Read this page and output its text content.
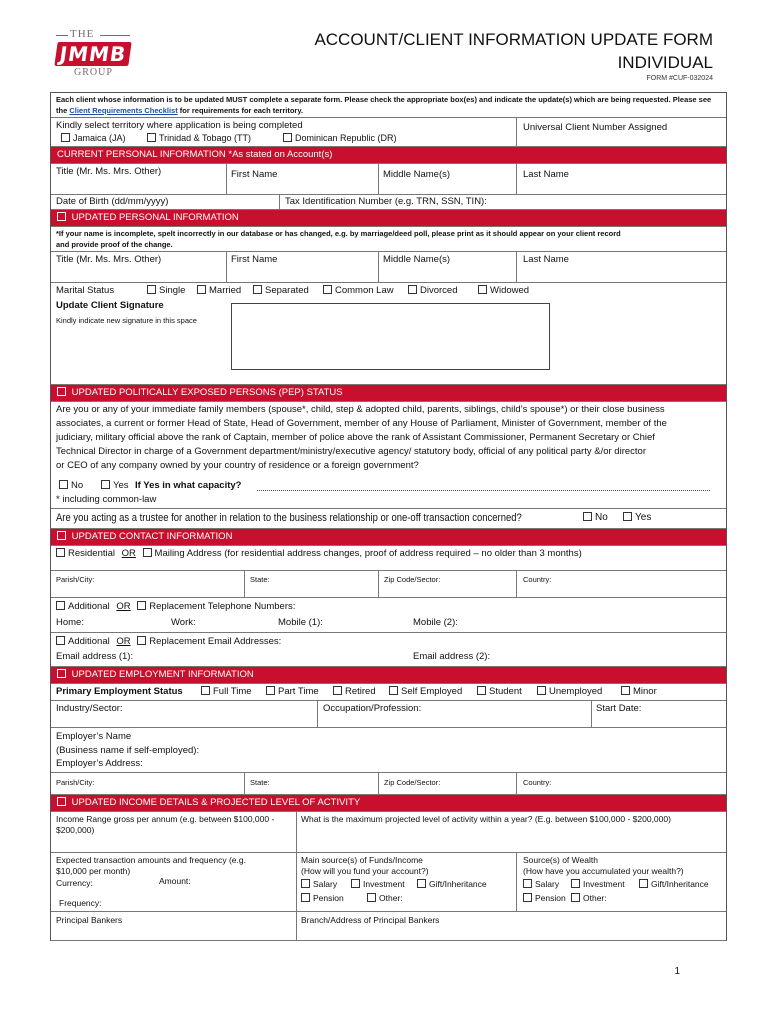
THE
JMMB
GROUP
ACCOUNT/CLIENT INFORMATION UPDATE FORM
INDIVIDUAL
FORM #CUF-032024
Each client whose information is to be updated MUST complete a separate form. Please check the appropriate box(es) and indicate the update(s) which are being requested. Please see
the Client Requirements Checklist for requirements for each territory.
Kindly select territory where application is being completed
Jamaica (JA)	Trinidad & Tobago (TT)	Dominican Republic (DR)
Universal Client Number Assigned
CURRENT PERSONAL INFORMATION *As stated on Account(s)
Title (Mr. Ms. Mrs. Other)	First Name	Middle Name(s)	Last Name
Date of Birth (dd/mm/yyyy)	Tax Identification Number (e.g. TRN, SSN, TIN):
UPDATED PERSONAL INFORMATION
*If your name is incomplete, spelt incorrectly in our database or has changed, e.g. by marriage/deed poll, please print as it should appear on your client record
and provide proof of the change.
Title (Mr. Ms. Mrs. Other)	First Name	Middle Name(s)	Last Name
Marital Status	Single	Married	Separated	Common Law	Divorced	Widowed
Update Client Signature
Kindly indicate new signature in this space
UPDATED POLITICALLY EXPOSED PERSONS (PEP) STATUS
Are you or any of your immediate family members (spouse*, child, step & adopted child, parents, siblings, child’s spouse*) or their close business
associates, a current or former Head of State, Head of Government, member of any House of Parliament, Minister of Government, member of the
judiciary, military official above the rank of Captain, member of police above the rank of Assistant Commissioner, Permanent Secretary or Chief
Technical Director in charge of a Government department/ministry/executive agency/ statutory body, official of any political party &/or director
or CEO of any company owned by your country of residence or a foreign government?
No	Yes If Yes in what capacity?
* including common-law
Are you acting as a trustee for another in relation to the business relationship or one-off transaction concerned?	No	Yes
UPDATED CONTACT INFORMATION
Residential OR Mailing Address (for residential address changes, proof of address required – no older than 3 months)
Parish/City:	State:	Zip Code/Sector:	Country:
Additional OR Replacement Telephone Numbers:
Home:	Work:	Mobile (1):	Mobile (2):
Additional OR Replacement Email Addresses:
Email address (1):	Email address (2):
UPDATED EMPLOYMENT INFORMATION
Primary Employment Status	Full Time	Part Time	Retired	Self Employed	Student	Unemployed	Minor
Industry/Sector:	Occupation/Profession:	Start Date:
Employer’s Name
(Business name if self-employed):
Employer’s Address:
Parish/City:	State:	Zip Code/Sector:	Country:
UPDATED INCOME DETAILS & PROJECTED LEVEL OF ACTIVITY
Income Range gross per annum (e.g. between $100,000 -
$200,000)
What is the maximum projected level of activity within a year? (E.g. between $100,000 - $200,000)
Expected transaction amounts and frequency (e.g.
$10,000 per month)
Currency:	Amount:
Frequency:
Main source(s) of Funds/Income
(How will you fund your account?)
Salary	Investment	Gift/Inheritance
Pension	Other:
Source(s) of Wealth
(How have you accumulated your wealth?)
Salary	Investment	Gift/Inheritance
Pension	Other:
Principal Bankers	Branch/Address of Principal Bankers
1
